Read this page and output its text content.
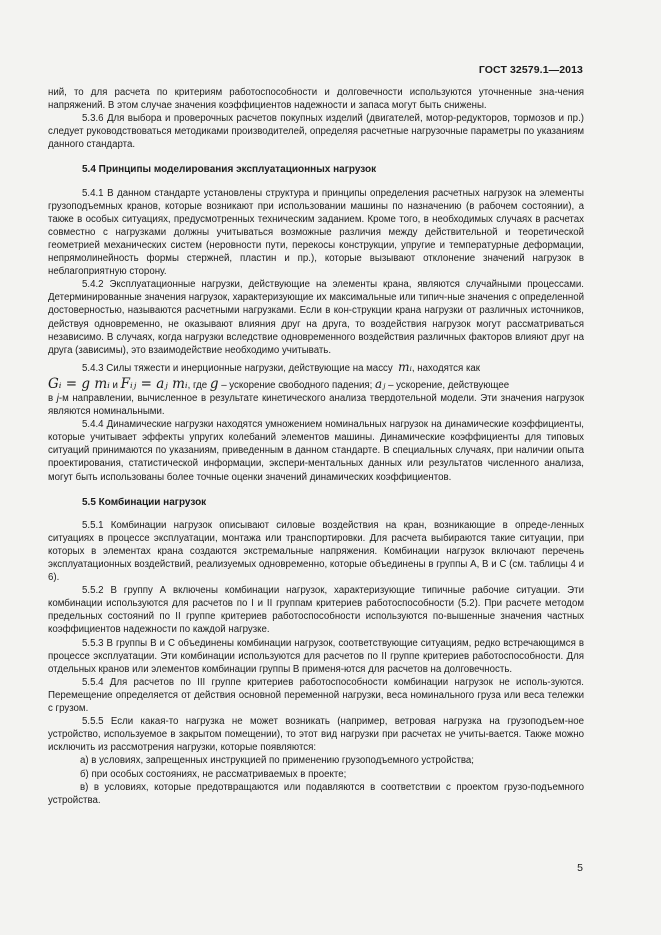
ГОСТ 32579.1—2013

ний, то для расчета по критериям работоспособности и долговечности используются уточненные зна-чения напряжений. В этом случае значения коэффициентов надежности и запаса могут быть снижены.

5.3.6 Для выбора и проверочных расчетов покупных изделий (двигателей, мотор-редукторов, тормозов и пр.) следует руководствоваться методиками производителей, определяя расчетные нагрузочные параметры по указаниям данного стандарта.

5.4 Принципы моделирования эксплуатационных нагрузок

5.4.1 В данном стандарте установлены структура и принципы определения расчетных нагрузок на элементы грузоподъемных кранов, которые возникают при использовании машины по назначению (в рабочем состоянии), а также в особых ситуациях, предусмотренных техническим заданием. Кроме того, в необходимых случаях в расчетах совместно с нагрузками должны учитываться возможные различия между действительной и теоретической геометрией механических систем (неровности пути, перекосы конструкции, упругие и температурные деформации, непрямолинейность формы стержней, пластин и пр.), которые вызывают отклонение значений нагрузок в неблагоприятную сторону.

5.4.2 Эксплуатационные нагрузки, действующие на элементы крана, являются случайными процессами. Детерминированные значения нагрузок, характеризующие их максимальные или типич-ные значения с определенной достоверностью, называются расчетными нагрузками. Если в кон-струкции крана нагрузки от различных источников, действуя одновременно, не оказывают влияния друг на друга, то воздействия нагрузок могут рассматриваться независимо. В случаях, когда нагрузки вследствие одновременного воздействия различных факторов влияют друг на друга (зависимы), это взаимодействие необходимо учитывать.

5.4.3 Силы тяжести и инерционные нагрузки, действующие на массу mᵢ, находятся как

Gᵢ = g mᵢ и Fᵢⱼ = aⱼ mᵢ, где g – ускорение свободного падения; aⱼ – ускорение, действующее

в j-м направлении, вычисленное в результате кинетического анализа твердотельной модели. Эти значения нагрузок являются номинальными.

5.4.4 Динамические нагрузки находятся умножением номинальных нагрузок на динамические коэффициенты, которые учитывает эффекты упругих колебаний элементов машины. Динамические коэффициенты для типовых ситуаций принимаются по указаниям, приведенным в данном стандарте. В специальных случаях, при наличии опыта проектирования, статистической информации, экспери-ментальных данных или результатов численного анализа, могут быть использованы более точные оценки значений динамических коэффициентов.

5.5 Комбинации нагрузок

5.5.1 Комбинации нагрузок описывают силовые воздействия на кран, возникающие в опреде-ленных ситуациях в процессе эксплуатации, монтажа или транспортировки. Для расчета выбираются такие ситуации, при которых в элементах крана создаются экстремальные напряжения. Комбинации нагрузок включают перечень эксплуатационных воздействий, реализуемых одновременно, которые объединены в группы А, В и С (см. таблицы 4 и 6).

5.5.2 В группу А включены комбинации нагрузок, характеризующие типичные рабочие ситуации. Эти комбинации используются для расчетов по I и II группам критериев работоспособности (5.2). При расчете методом предельных состояний по II группе критериев работоспособности используются по-вышенные значения частных коэффициентов надежности по каждой нагрузке.

5.5.3 В группы В и С объединены комбинации нагрузок, соответствующие ситуациям, редко встречающимся в процессе эксплуатации. Эти комбинации используются для расчетов по II группе критериев работоспособности. Для отдельных кранов или элементов комбинации группы В применя-ются для расчетов на долговечность.

5.5.4 Для расчетов по III группе критериев работоспособности комбинации нагрузок не исполь-зуются. Перемещение определяется от действия основной переменной нагрузки, веса номинального груза или веса тележки с грузом.

5.5.5 Если какая-то нагрузка не может возникать (например, ветровая нагрузка на грузоподъем-ное устройство, используемое в закрытом помещении), то этот вид нагрузки при расчетах не учиты-вается. Также можно исключить из рассмотрения нагрузки, которые появляются:

а) в условиях, запрещенных инструкцией по применению грузоподъемного устройства;

б) при особых состояниях, не рассматриваемых в проекте;

в) в условиях, которые предотвращаются или подавляются в соответствии с проектом грузо-подъемного устройства.

5
